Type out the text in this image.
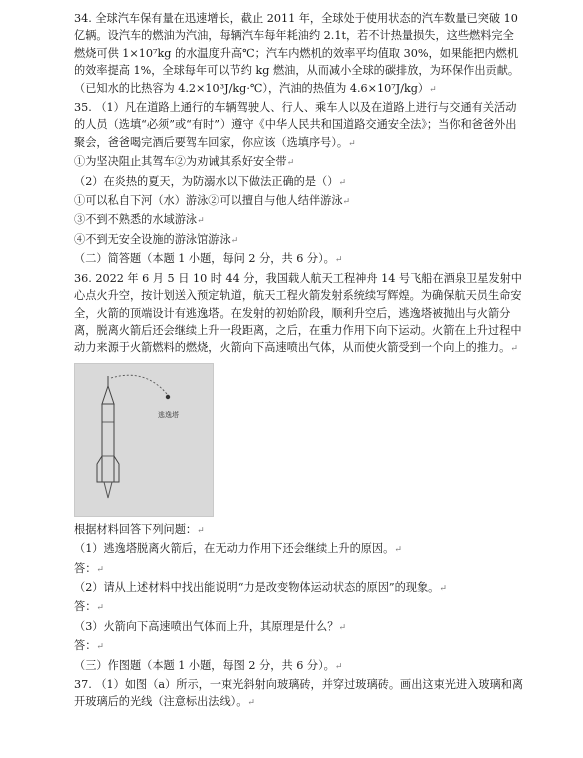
34. 全球汽车保有量在迅速增长，截止 2011 年，全球处于使用状态的汽车数量已突破 10 亿辆。设汽车的燃油为汽油，每辆汽车每年耗油约 2.1t，若不计热量损失，这些燃料完全燃烧可供 1×10⁷kg 的水温度升高℃；汽车内燃机的效率平均值取 30%，如果能把内燃机的效率提高 1%，全球每年可以节约 kg 燃油，从而减小全球的碳排放，为环保作出贡献。（已知水的比热容为 4.2×10³J/kg·℃），汽油的热值为 4.6×10⁷J/kg）↵

35. （1）凡在道路上通行的车辆驾驶人、行人、乘车人以及在道路上进行与交通有关活动的人员（选填“必须”或“有时”）遵守《中华人民共和国道路交通安全法》；当你和爸爸外出聚会，爸爸喝完酒后要驾车回家，你应该（选填序号）。↵

①为坚决阻止其驾车②为劝诫其系好安全带↵

（2）在炎热的夏天，为防溺水以下做法正确的是（）↵

①可以私自下河（水）游泳②可以擅自与他人结伴游泳↵

③不到不熟悉的水域游泳↵

④不到无安全设施的游泳馆游泳↵

（二）简答题（本题 1 小题，每问 2 分，共 6 分）。↵

36. 2022 年 6 月 5 日 10 时 44 分，我国载人航天工程神舟 14 号飞船在酒泉卫星发射中心点火升空，按计划送入预定轨道，航天工程火箭发射系统续写辉煌。为确保航天员生命安全，火箭的顶端设计有逃逸塔。在发射的初始阶段，顺利升空后，逃逸塔被抛出与火箭分离，脱离火箭后还会继续上升一段距离，之后，在重力作用下向下运动。火箭在上升过程中动力来源于火箭燃料的燃烧，火箭向下高速喷出气体，从而使火箭受到一个向上的推力。↵

逃逸塔

根据材料回答下列问题：↵

（1）逃逸塔脱离火箭后，在无动力作用下还会继续上升的原因。↵

答：↵

（2）请从上述材料中找出能说明“力是改变物体运动状态的原因”的现象。↵

答：↵

（3）火箭向下高速喷出气体而上升，其原理是什么？↵

答：↵

（三）作图题（本题 1 小题，每图 2 分，共 6 分）。↵

37. （1）如图（a）所示，一束光斜射向玻璃砖，并穿过玻璃砖。画出这束光进入玻璃和离开玻璃后的光线（注意标出法线）。↵
